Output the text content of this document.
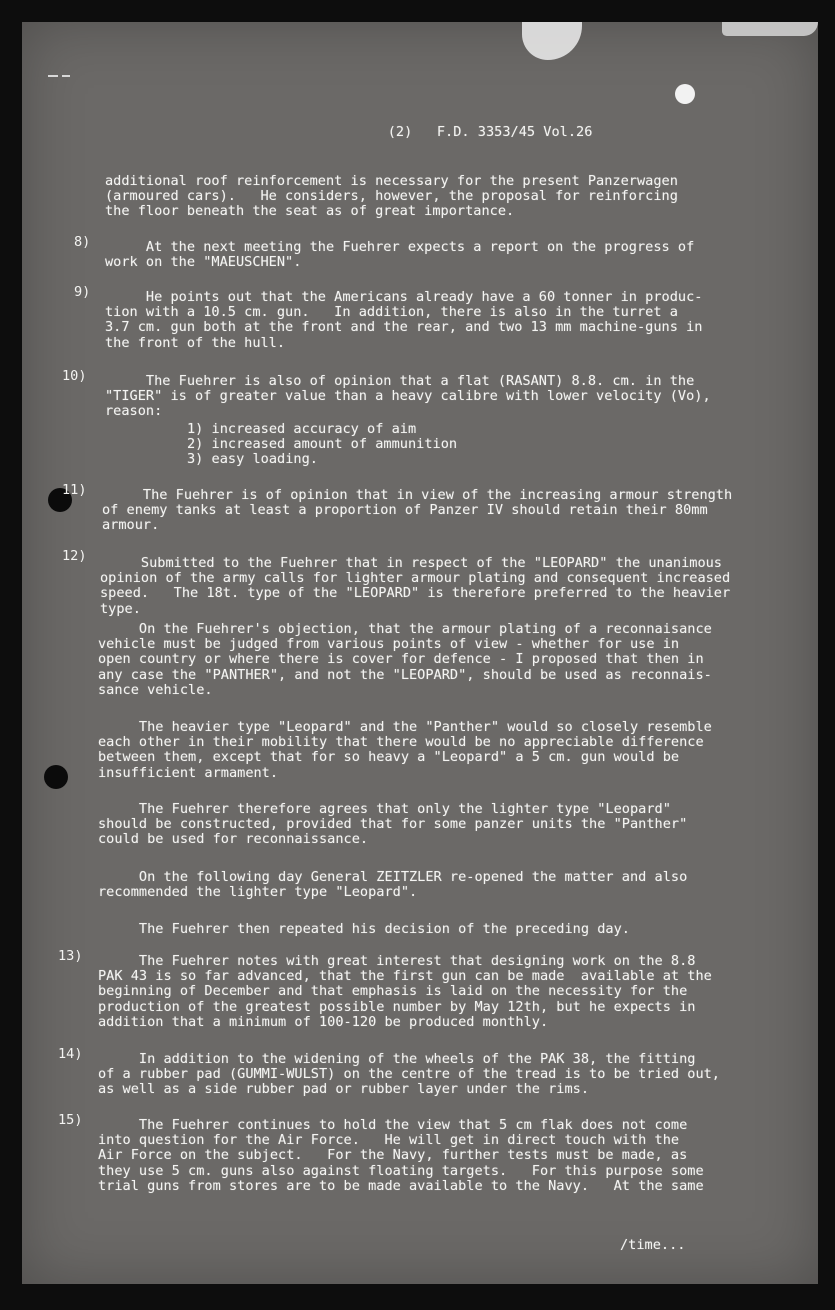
(2) F.D. 3353/45 Vol.26

additional roof reinforcement is necessary for the present Panzerwagen
(armoured cars).   He considers, however, the proposal for reinforcing
the floor beneath the seat as of great importance.
8) At the next meeting the Fuehrer expects a report on the progress of
work on the "MAEUSCHEN".
9) He points out that the Americans already have a 60 tonner in produc-
tion with a 10.5 cm. gun.   In addition, there is also in the turret a
3.7 cm. gun both at the front and the rear, and two 13 mm machine-guns in
the front of the hull.
10) The Fuehrer is also of opinion that a flat (RASANT) 8.8. cm. in the
"TIGER" is of greater value than a heavy calibre with lower velocity (Vo),
reason:
1) increased accuracy of aim
2) increased amount of ammunition
3) easy loading.
11) The Fuehrer is of opinion that in view of the increasing armour strength
of enemy tanks at least a proportion of Panzer IV should retain their 80mm
armour.
12) Submitted to the Fuehrer that in respect of the "LEOPARD" the unanimous
opinion of the army calls for lighter armour plating and consequent increased
speed.   The 18t. type of the "LEOPARD" is therefore preferred to the heavier
type.
On the Fuehrer's objection, that the armour plating of a reconnaisance
vehicle must be judged from various points of view - whether for use in
open country or where there is cover for defence - I proposed that then in
any case the "PANTHER", and not the "LEOPARD", should be used as reconnais-
sance vehicle.
The heavier type "Leopard" and the "Panther" would so closely resemble
each other in their mobility that there would be no appreciable difference
between them, except that for so heavy a "Leopard" a 5 cm. gun would be
insufficient armament.
The Fuehrer therefore agrees that only the lighter type "Leopard"
should be constructed, provided that for some panzer units the "Panther"
could be used for reconnaissance.
On the following day General ZEITZLER re-opened the matter and also
recommended the lighter type "Leopard".
The Fuehrer then repeated his decision of the preceding day.
13) The Fuehrer notes with great interest that designing work on the 8.8
PAK 43 is so far advanced, that the first gun can be made  available at the
beginning of December and that emphasis is laid on the necessity for the
production of the greatest possible number by May 12th, but he expects in
addition that a minimum of 100-120 be produced monthly.
14) In addition to the widening of the wheels of the PAK 38, the fitting
of a rubber pad (GUMMI-WULST) on the centre of the tread is to be tried out,
as well as a side rubber pad or rubber layer under the rims.
15) The Fuehrer continues to hold the view that 5 cm flak does not come
into question for the Air Force.   He will get in direct touch with the
Air Force on the subject.   For the Navy, further tests must be made, as
they use 5 cm. guns also against floating targets.   For this purpose some
trial guns from stores are to be made available to the Navy.   At the same
/time...
